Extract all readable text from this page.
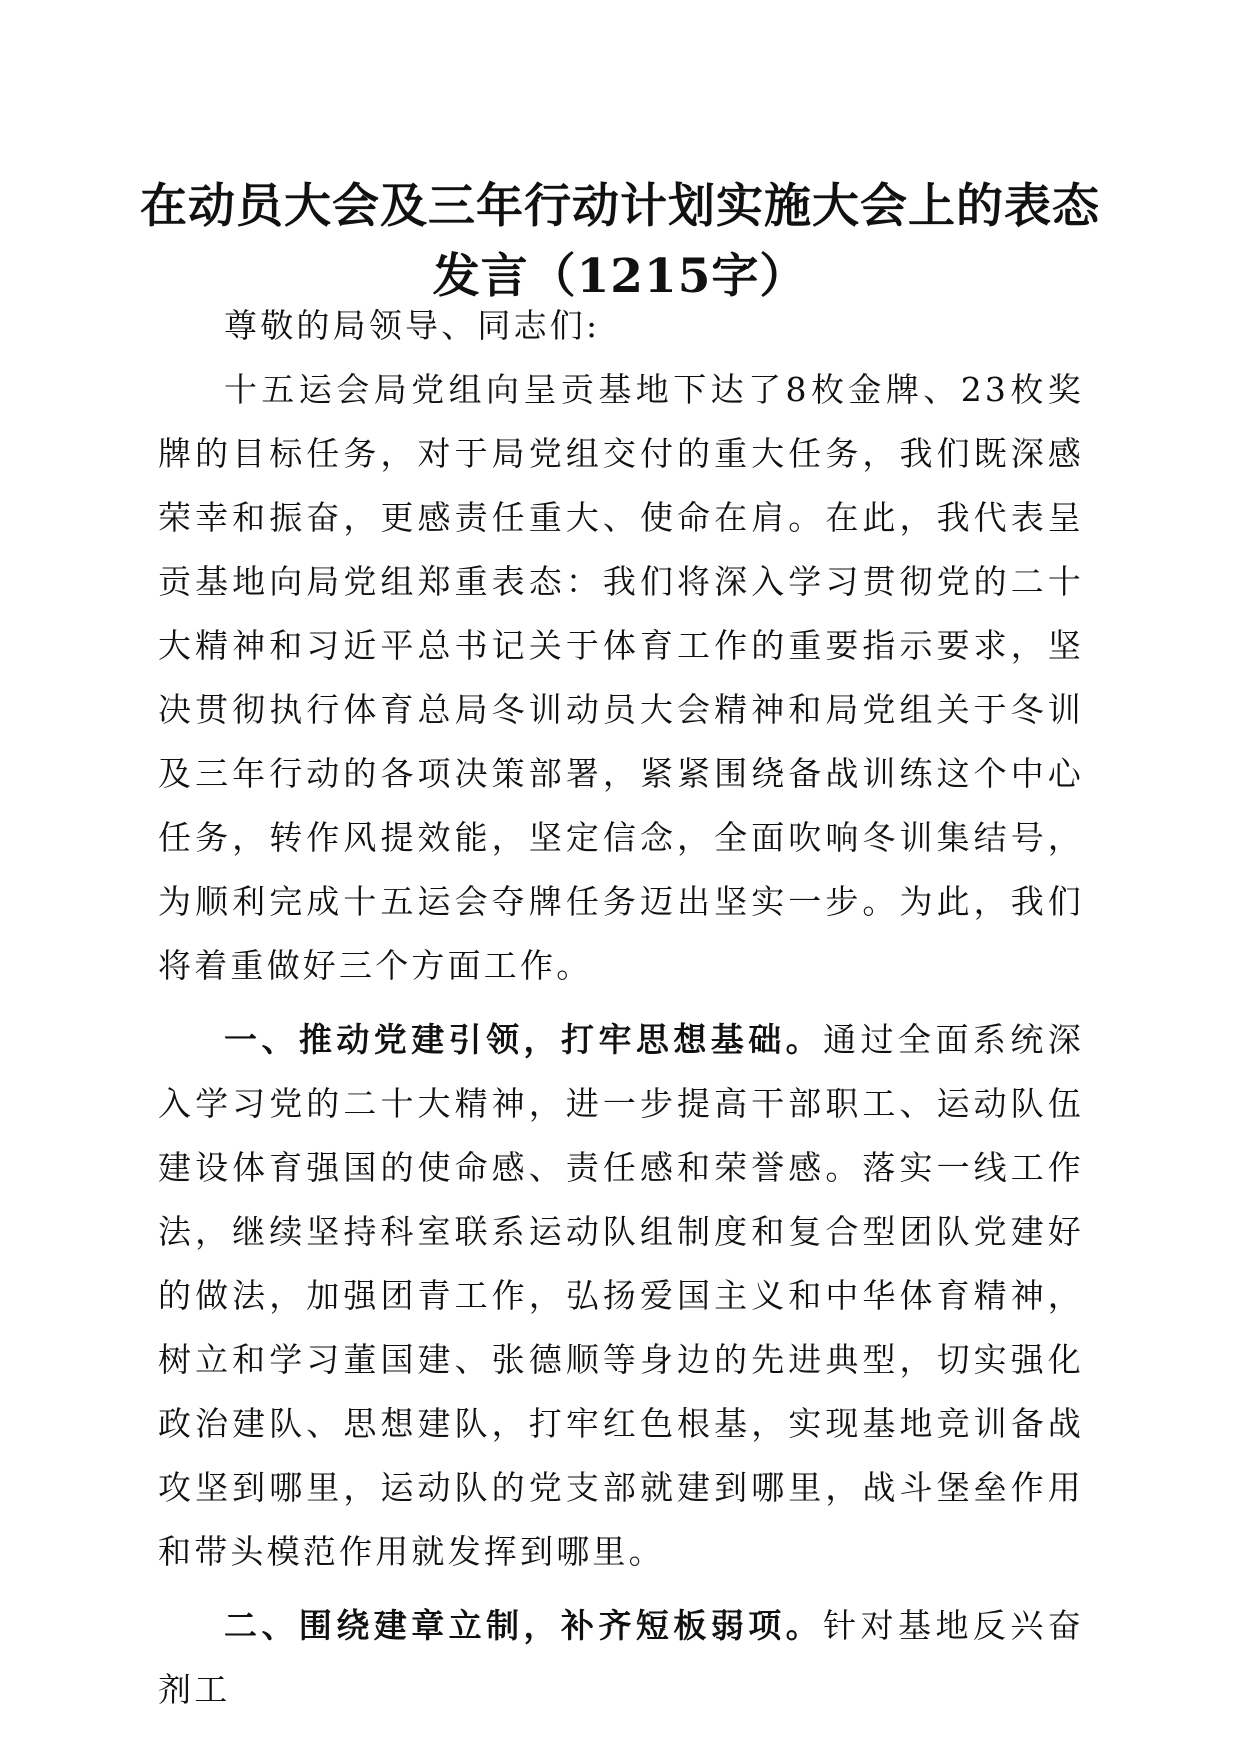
在动员大会及三年行动计划实施大会上的表态发言（1215字）

尊敬的局领导、同志们:

十五运会局党组向呈贡基地下达了8枚金牌、23枚奖牌的目标任务，对于局党组交付的重大任务，我们既深感荣幸和振奋，更感责任重大、使命在肩。在此，我代表呈贡基地向局党组郑重表态：我们将深入学习贯彻党的二十大精神和习近平总书记关于体育工作的重要指示要求，坚决贯彻执行体育总局冬训动员大会精神和局党组关于冬训及三年行动的各项决策部署，紧紧围绕备战训练这个中心任务，转作风提效能，坚定信念，全面吹响冬训集结号，为顺利完成十五运会夺牌任务迈出坚实一步。为此，我们将着重做好三个方面工作。

一、推动党建引领，打牢思想基础。通过全面系统深入学习党的二十大精神，进一步提高干部职工、运动队伍建设体育强国的使命感、责任感和荣誉感。落实一线工作法，继续坚持科室联系运动队组制度和复合型团队党建好的做法，加强团青工作，弘扬爱国主义和中华体育精神，树立和学习董国建、张德顺等身边的先进典型，切实强化政治建队、思想建队，打牢红色根基，实现基地竞训备战攻坚到哪里，运动队的党支部就建到哪里，战斗堡垒作用和带头模范作用就发挥到哪里。

二、围绕建章立制，补齐短板弱项。针对基地反兴奋剂工
